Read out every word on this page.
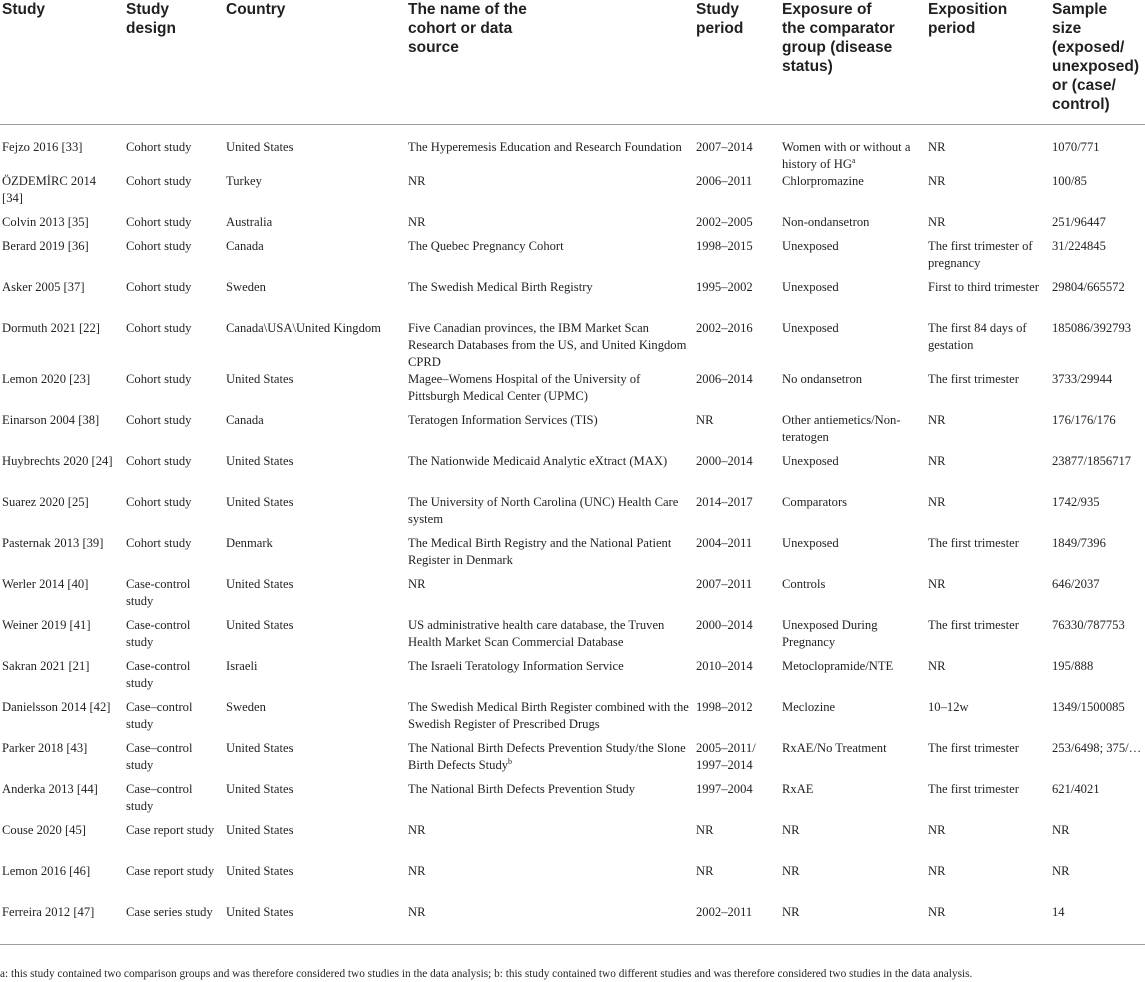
Study	Study design	Country	The name of the cohort or data source	Study period	Exposure of the comparator group (disease status)	Exposition period	Sample size (exposed/ unexposed) or (case/ control)
Fejzo 2016 [33]	Cohort study	United States	The Hyperemesis Education and Research Foundation	2007–2014	Women with or without a history of $HG^a$	NR	1070/771
ÖZDEMİRC 2014 [34]	Cohort study	Turkey	NR	2006–2011	Chlorpromazine	NR	100/85
Colvin 2013 [35]	Cohort study	Australia	NR	2002–2005	Non-ondansetron	NR	251/96447
Berard 2019 [36]	Cohort study	Canada	The Quebec Pregnancy Cohort	1998–2015	Unexposed	The first trimester of pregnancy	31/224845
Asker 2005 [37]	Cohort study	Sweden	The Swedish Medical Birth Registry	1995–2002	Unexposed	First to third trimester	29804/665572
Dormuth 2021 [22]	Cohort study	Canada\USA\United Kingdom	Five Canadian provinces, the IBM Market Scan Research Databases from the US, and United Kingdom CPRD	2002–2016	Unexposed	The first 84 days of gestation	185086/392793
Lemon 2020 [23]	Cohort study	United States	Magee–Womens Hospital of the University of Pittsburgh Medical Center (UPMC)	2006–2014	No ondansetron	The first trimester	3733/29944
Einarson 2004 [38]	Cohort study	Canada	Teratogen Information Services (TIS)	NR	Other antiemetics/Non-teratogen	NR	176/176/176
Huybrechts 2020 [24]	Cohort study	United States	The Nationwide Medicaid Analytic eXtract (MAX)	2000–2014	Unexposed	NR	23877/1856717
Suarez 2020 [25]	Cohort study	United States	The University of North Carolina (UNC) Health Care system	2014–2017	Comparators	NR	1742/935
Pasternak 2013 [39]	Cohort study	Denmark	The Medical Birth Registry and the National Patient Register in Denmark	2004–2011	Unexposed	The first trimester	1849/7396
Werler 2014 [40]	Case-control study	United States	NR	2007–2011	Controls	NR	646/2037
Weiner 2019 [41]	Case-control study	United States	US administrative health care database, the Truven Health Market Scan Commercial Database	2000–2014	Unexposed During Pregnancy	The first trimester	76330/787753
Sakran 2021 [21]	Case-control study	Israeli	The Israeli Teratology Information Service	2010–2014	Metoclopramide/NTE	NR	195/888
Danielsson 2014 [42]	Case–control study	Sweden	The Swedish Medical Birth Register combined with the Swedish Register of Prescribed Drugs	1998–2012	Meclozine	10–12w	1349/1500085
Parker 2018 [43]	Case–control study	United States	The National Birth Defects Prevention Study/the Slone Birth Defects Study$^b$	2005–2011/ 1997–2014	RxAE/No Treatment	The first trimester	253/6498; 375/…
Anderka 2013 [44]	Case–control study	United States	The National Birth Defects Prevention Study	1997–2004	RxAE	The first trimester	621/4021
Couse 2020 [45]	Case report study	United States	NR	NR	NR	NR	NR
Lemon 2016 [46]	Case report study	United States	NR	NR	NR	NR	NR
Ferreira 2012 [47]	Case series study	United States	NR	2002–2011	NR	NR	14
a: this study contained two comparison groups and was therefore considered two studies in the data analysis; b: this study contained two different studies and was therefore considered two studies in the data analysis.
